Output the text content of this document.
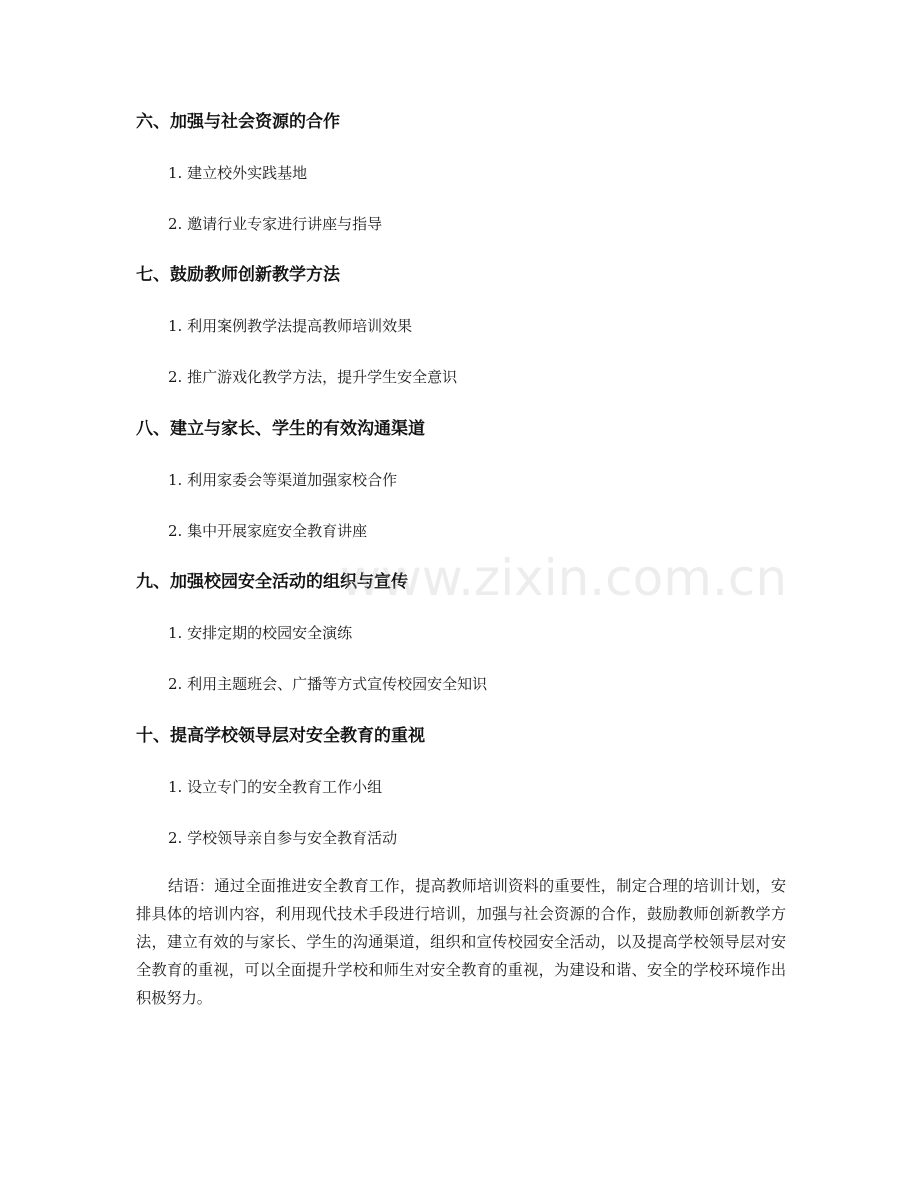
六、加强与社会资源的合作
1. 建立校外实践基地
2. 邀请行业专家进行讲座与指导
七、鼓励教师创新教学方法
1. 利用案例教学法提高教师培训效果
2. 推广游戏化教学方法，提升学生安全意识
八、建立与家长、学生的有效沟通渠道
1. 利用家委会等渠道加强家校合作
2. 集中开展家庭安全教育讲座
九、加强校园安全活动的组织与宣传
1. 安排定期的校园安全演练
2. 利用主题班会、广播等方式宣传校园安全知识
十、提高学校领导层对安全教育的重视
1. 设立专门的安全教育工作小组
2. 学校领导亲自参与安全教育活动
结语：通过全面推进安全教育工作，提高教师培训资料的重要性，制定合理的培训计划，安排具体的培训内容，利用现代技术手段进行培训，加强与社会资源的合作，鼓励教师创新教学方法，建立有效的与家长、学生的沟通渠道，组织和宣传校园安全活动，以及提高学校领导层对安全教育的重视，可以全面提升学校和师生对安全教育的重视，为建设和谐、安全的学校环境作出积极努力。
www.zixin.com.cn
